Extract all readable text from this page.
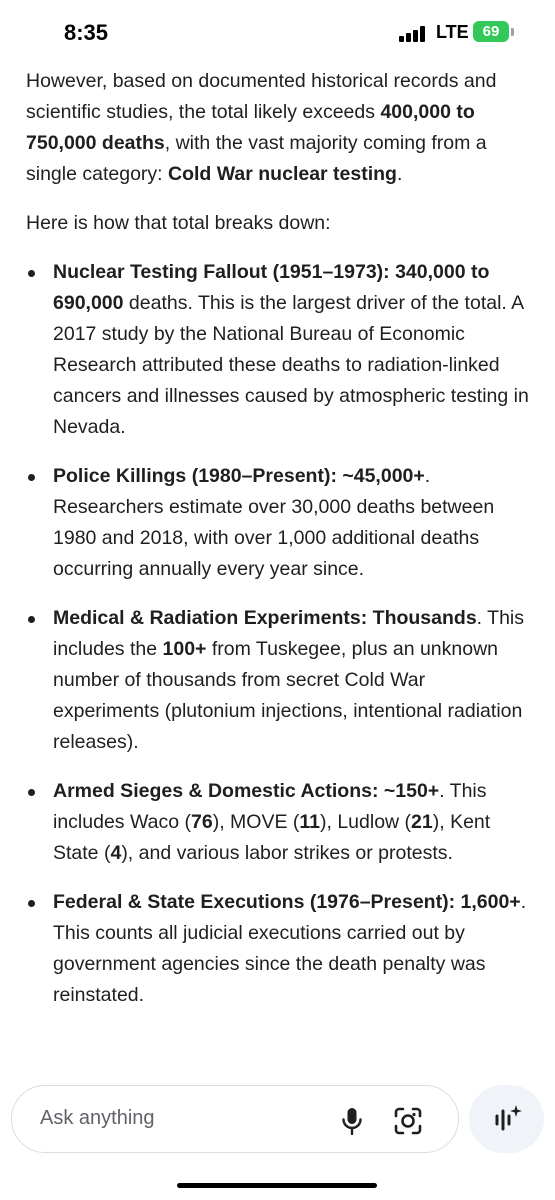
8:35	LTE 69

However, based on documented historical records and scientific studies, the total likely exceeds 400,000 to 750,000 deaths, with the vast majority coming from a single category: Cold War nuclear testing.

Here is how that total breaks down:

Nuclear Testing Fallout (1951–1973): 340,000 to 690,000 deaths. This is the largest driver of the total. A 2017 study by the National Bureau of Economic Research attributed these deaths to radiation-linked cancers and illnesses caused by atmospheric testing in Nevada.
Police Killings (1980–Present): ~45,000+. Researchers estimate over 30,000 deaths between 1980 and 2018, with over 1,000 additional deaths occurring annually every year since.
Medical & Radiation Experiments: Thousands. This includes the 100+ from Tuskegee, plus an unknown number of thousands from secret Cold War experiments (plutonium injections, intentional radiation releases).
Armed Sieges & Domestic Actions: ~150+. This includes Waco (76), MOVE (11), Ludlow (21), Kent State (4), and various labor strikes or protests.
Federal & State Executions (1976–Present): 1,600+. This counts all judicial executions carried out by government agencies since the death penalty was reinstated.
Ask anything
